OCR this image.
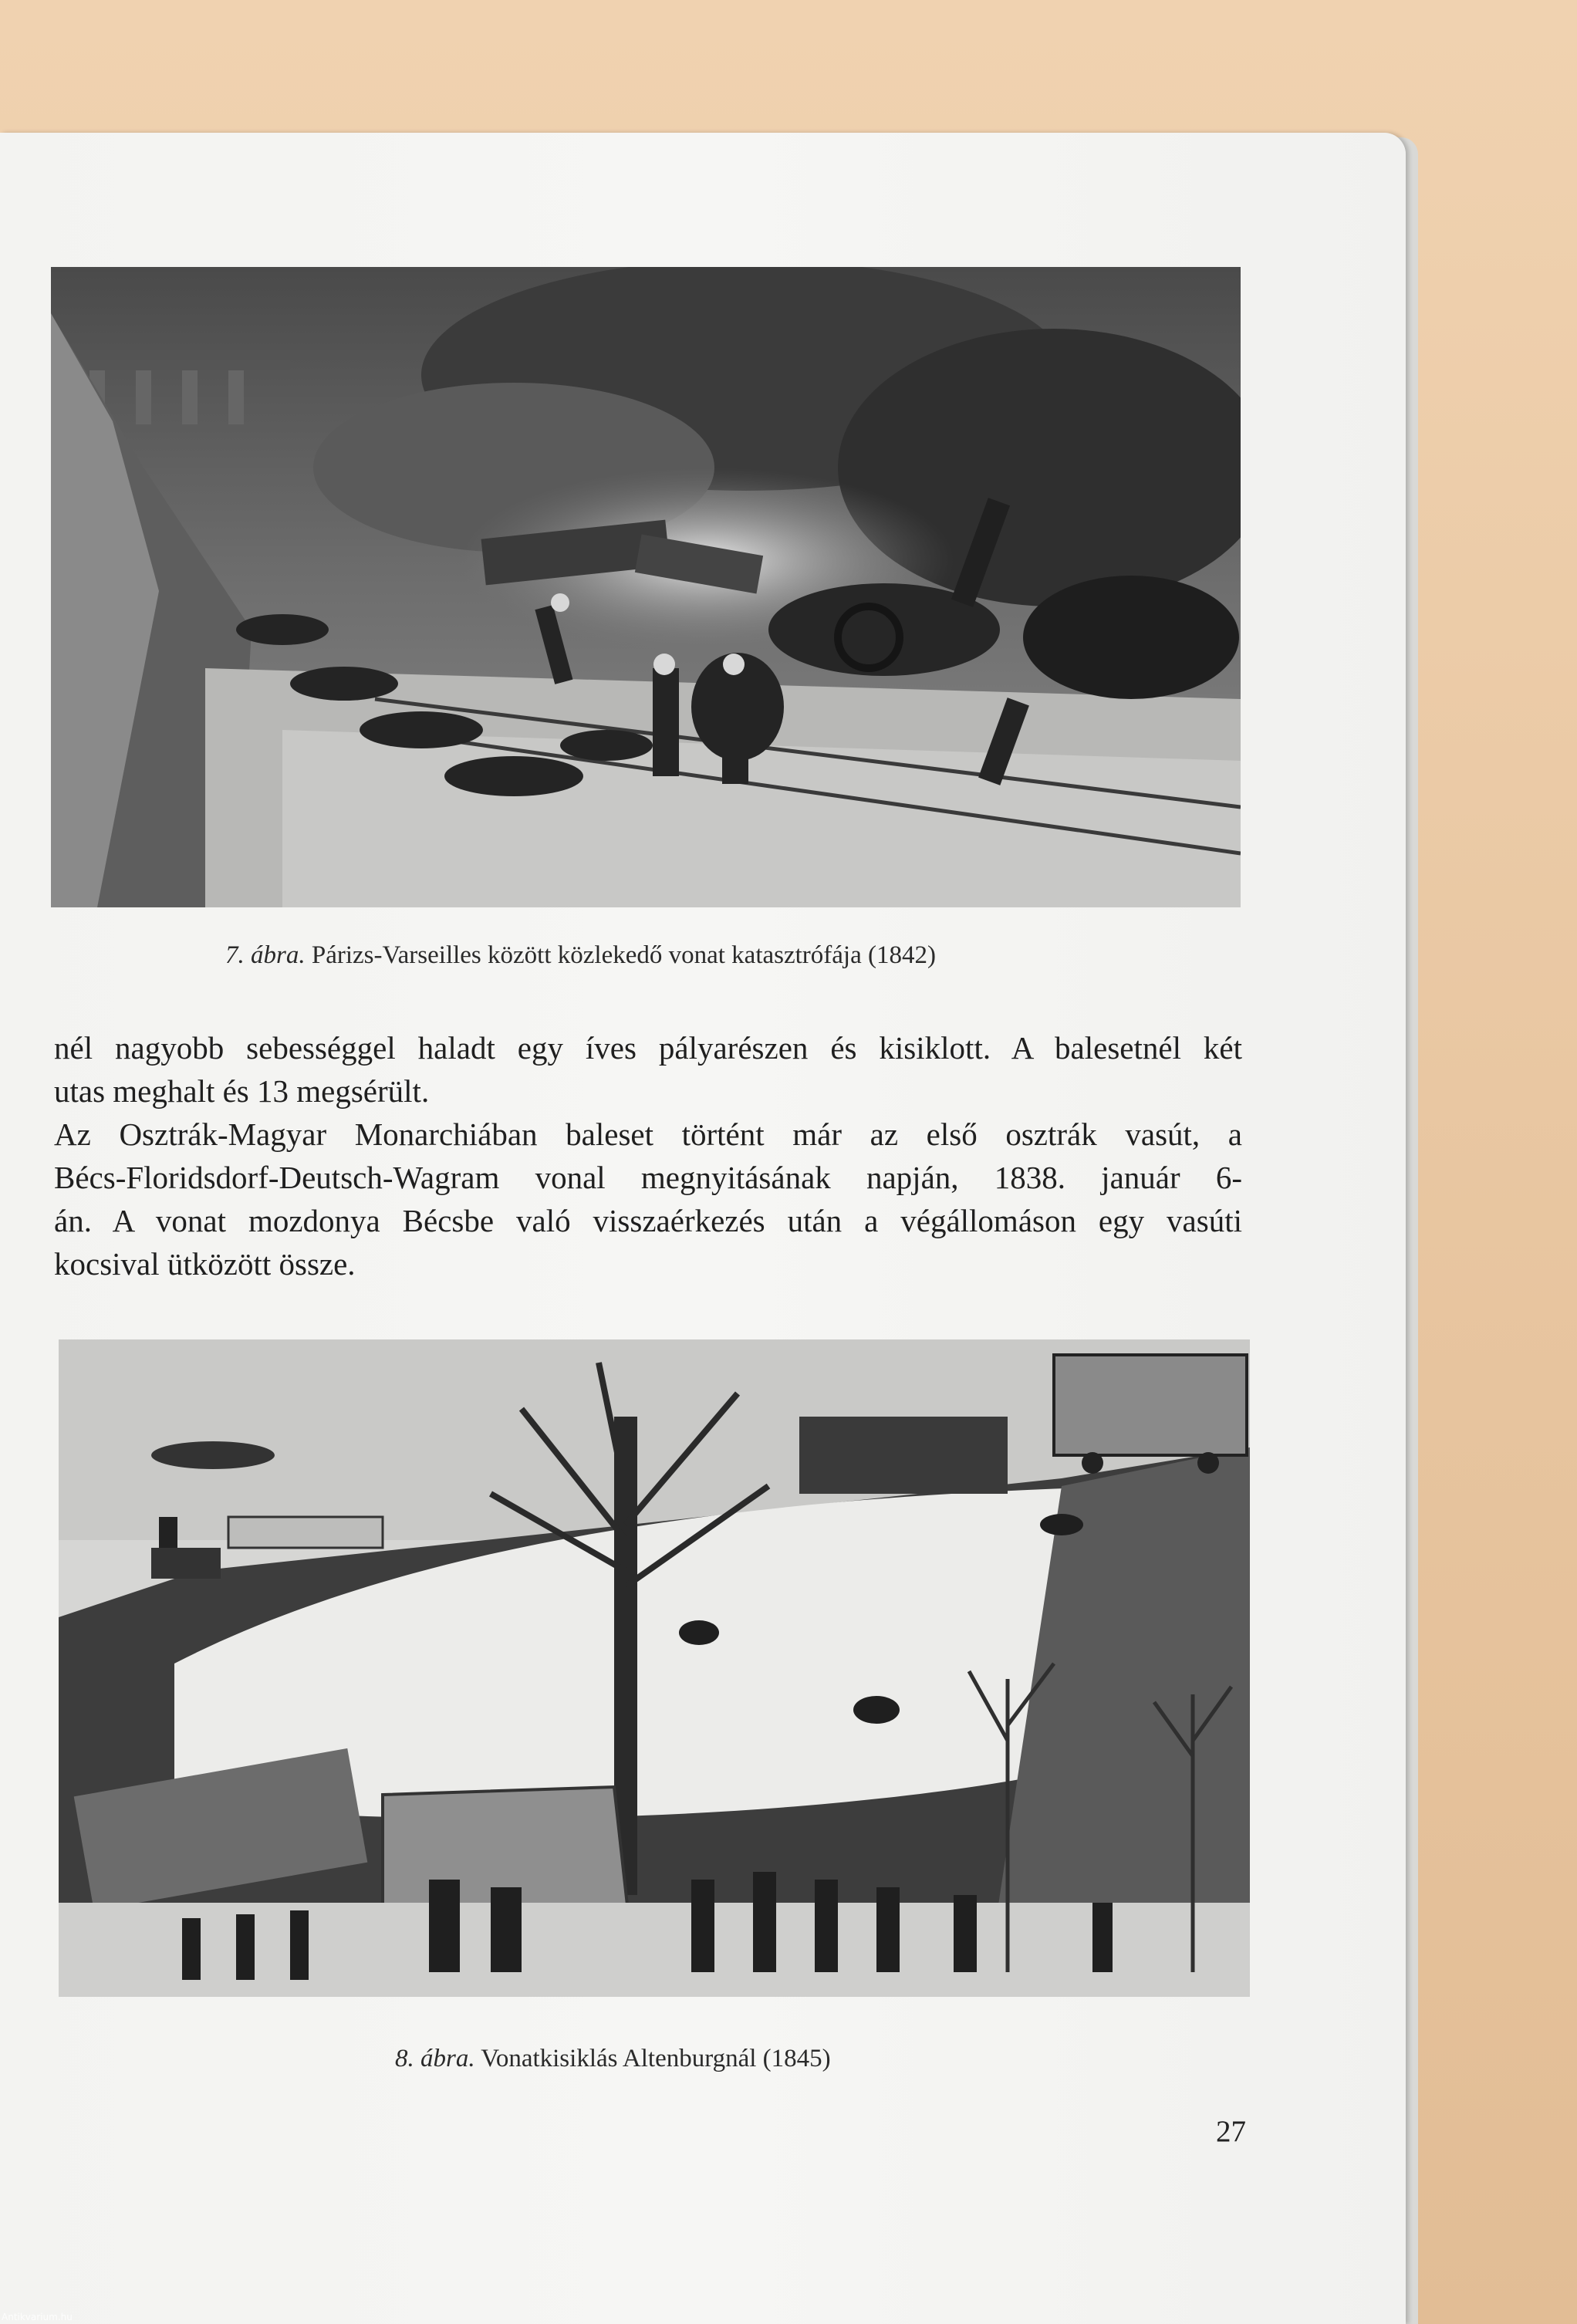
7. ábra. Párizs-Varseilles között közlekedő vonat katasztrófája (1842)
nél nagyobb sebességgel haladt egy íves pályarészen és kisiklott. A balesetnél két
utas meghalt és 13 megsérült.
Az Osztrák-Magyar Monarchiában baleset történt már az első osztrák vasút, a
Bécs-Floridsdorf-Deutsch-Wagram vonal megnyitásának napján, 1838. január 6-
án. A vonat mozdonya Bécsbe való visszaérkezés után a végállomáson egy vasúti
kocsival ütközött össze.
8. ábra. Vonatkisiklás Altenburgnál (1845)
27
Antikvarium.hu
